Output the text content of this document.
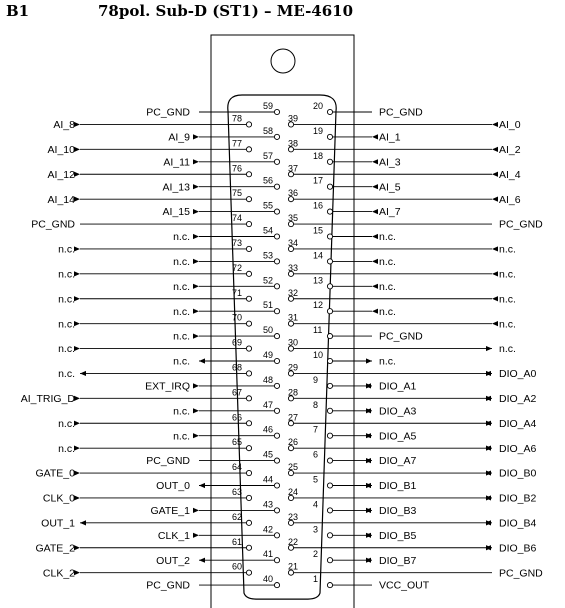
B1	78pol. Sub-D (ST1) – ME-4610
59
PC_GND
58
AI_9
57
AI_11
56
AI_13
55
AI_15
54
n.c.
53
n.c.
52
n.c.
51
n.c.
50
n.c.
49
n.c.
48
EXT_IRQ
47
n.c.
46
n.c.
45
PC_GND
44
OUT_0
43
GATE_1
42
CLK_1
41
OUT_2
40
PC_GND
78
AI_8
77
AI_10
76
AI_12
75
AI_14
74
PC_GND
73
n.c.
72
n.c.
71
n.c.
70
n.c.
69
n.c.
68
n.c.
67
AI_TRIG_D
66
n.c.
65
n.c.
64
GATE_0
63
CLK_0
62
OUT_1
61
GATE_2
60
CLK_2
39
AI_0
38
AI_2
37
AI_4
36
AI_6
35
PC_GND
34
n.c.
33
n.c.
32
n.c.
31
n.c.
30
n.c.
29
DIO_A0
28
DIO_A2
27
DIO_A4
26
DIO_A6
25
DIO_B0
24
DIO_B2
23
DIO_B4
22
DIO_B6
21
PC_GND
20
PC_GND
19
AI_1
18
AI_3
17
AI_5
16
AI_7
15
n.c.
14
n.c.
13
n.c.
12
n.c.
11
PC_GND
10
n.c.
9
DIO_A1
8
DIO_A3
7
DIO_A5
6
DIO_A7
5
DIO_B1
4
DIO_B3
3
DIO_B5
2
DIO_B7
1
VCC_OUT
